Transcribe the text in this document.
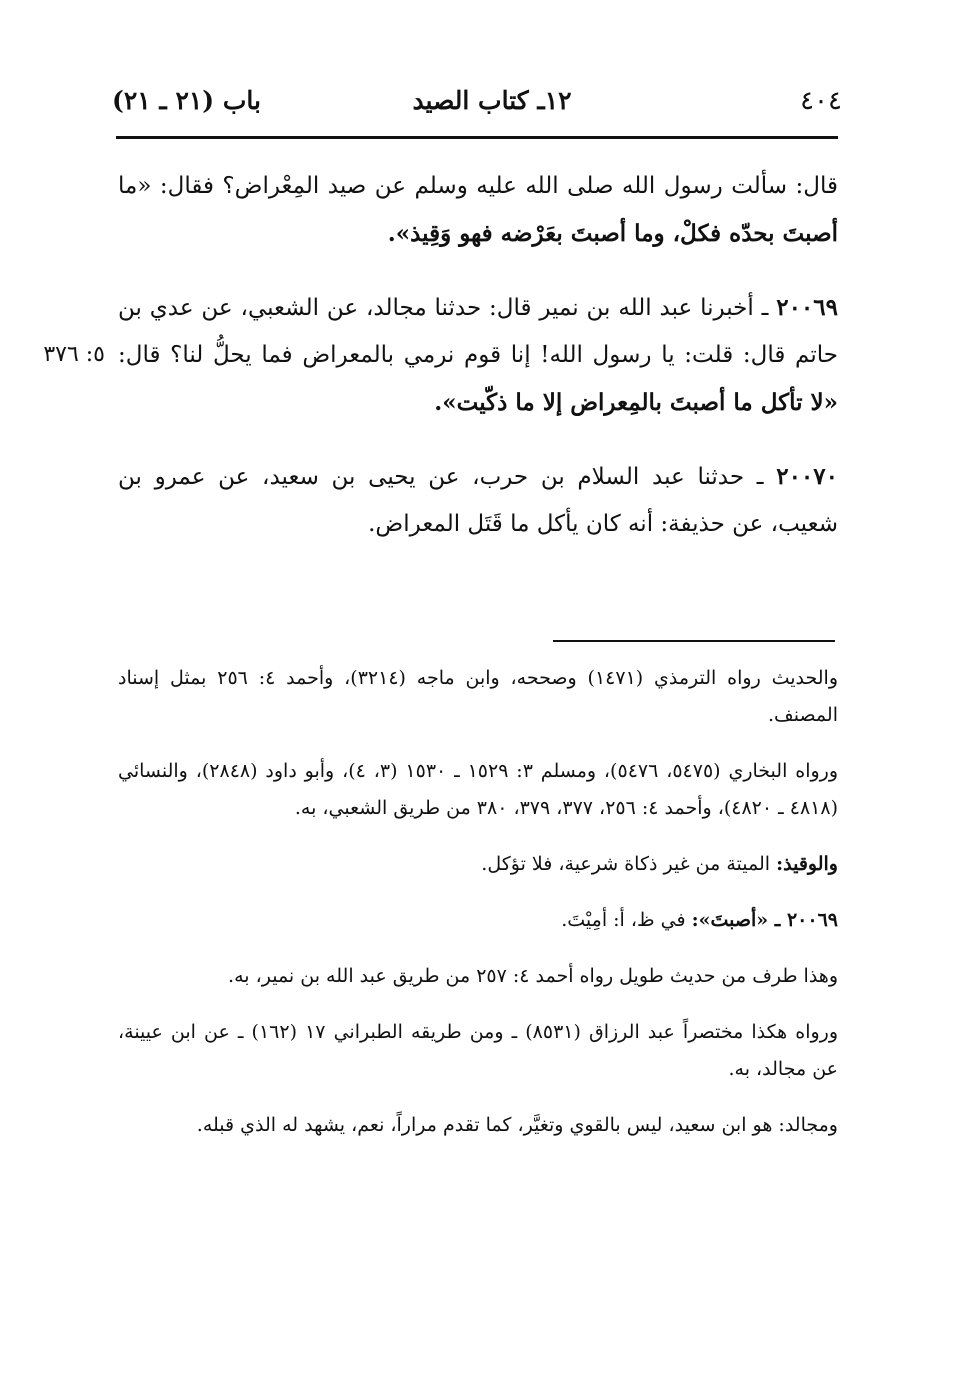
٤٠٤
١٢ـ كتاب الصيد
باب (٢١ ـ ٢١)
٥: ٣٧٦

قال: سألت رسول الله صلى الله عليه وسلم عن صيد المِعْراض؟ فقال: «ما أصبتَ بحدّه فكلْ، وما أصبتَ بعَرْضه فهو وَقِيذ».

٢٠٠٦٩ ـ أخبرنا عبد الله بن نمير قال: حدثنا مجالد، عن الشعبي، عن عدي بن حاتم قال: قلت: يا رسول الله! إنا قوم نرمي بالمعراض فما يحلُّ لنا؟ قال: «لا تأكل ما أصبتَ بالمِعراض إلا ما ذكّيت».

٢٠٠٧٠ ـ حدثنا عبد السلام بن حرب، عن يحيى بن سعيد، عن عمرو بن شعيب، عن حذيفة: أنه كان يأكل ما قَتَل المعراض.

والحديث رواه الترمذي (١٤٧١) وصححه، وابن ماجه (٣٢١٤)، وأحمد ٤: ٢٥٦ بمثل إسناد المصنف.

ورواه البخاري (٥٤٧٥، ٥٤٧٦)، ومسلم ٣: ١٥٢٩ ـ ١٥٣٠ (٣، ٤)، وأبو داود (٢٨٤٨)، والنسائي (٤٨١٨ ـ ٤٨٢٠)، وأحمد ٤: ٢٥٦، ٣٧٧، ٣٧٩، ٣٨٠ من طريق الشعبي، به.

والوقيذ: الميتة من غير ذكاة شرعية، فلا تؤكل.

٢٠٠٦٩ ـ «أصبتَ»: في ظ، أ: أمِيْتَ.

وهذا طرف من حديث طويل رواه أحمد ٤: ٢٥٧ من طريق عبد الله بن نمير، به.

ورواه هكذا مختصراً عبد الرزاق (٨٥٣١) ـ ومن طريقه الطبراني ١٧ (١٦٢) ـ عن ابن عيينة، عن مجالد، به.

ومجالد: هو ابن سعيد، ليس بالقوي وتغيَّر، كما تقدم مراراً، نعم، يشهد له الذي قبله.
